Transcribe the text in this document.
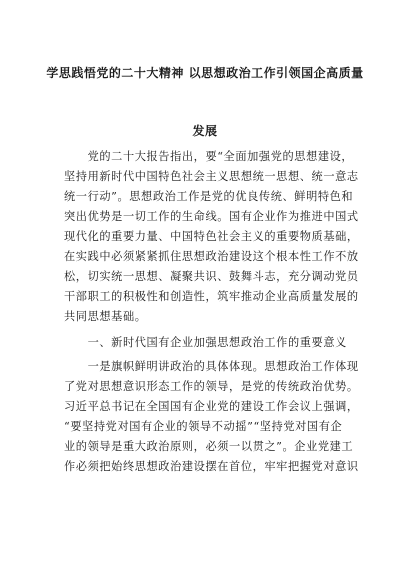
学思践悟党的二十大精神 以思想政治工作引领国企高质量
发展
　　党的二十大报告指出，要“全面加强党的思想建设，
坚持用新时代中国特色社会主义思想统一思想、统一意志
统一行动”。思想政治工作是党的优良传统、鲜明特色和
突出优势是一切工作的生命线。国有企业作为推进中国式
现代化的重要力量、中国特色社会主义的重要物质基础，
在实践中必须紧紧抓住思想政治建设这个根本性工作不放
松，切实统一思想、凝聚共识、鼓舞斗志，充分调动党员
干部职工的积极性和创造性，筑牢推动企业高质量发展的
共同思想基础。
　　一、新时代国有企业加强思想政治工作的重要意义
　　一是旗帜鲜明讲政治的具体体现。思想政治工作体现
了党对思想意识形态工作的领导，是党的传统政治优势。
习近平总书记在全国国有企业党的建设工作会议上强调，
“要坚持党对国有企业的领导不动摇”“坚持党对国有企
业的领导是重大政治原则，必须一以贯之”。企业党建工
作必须把始终思想政治建设摆在首位，牢牢把握党对意识
